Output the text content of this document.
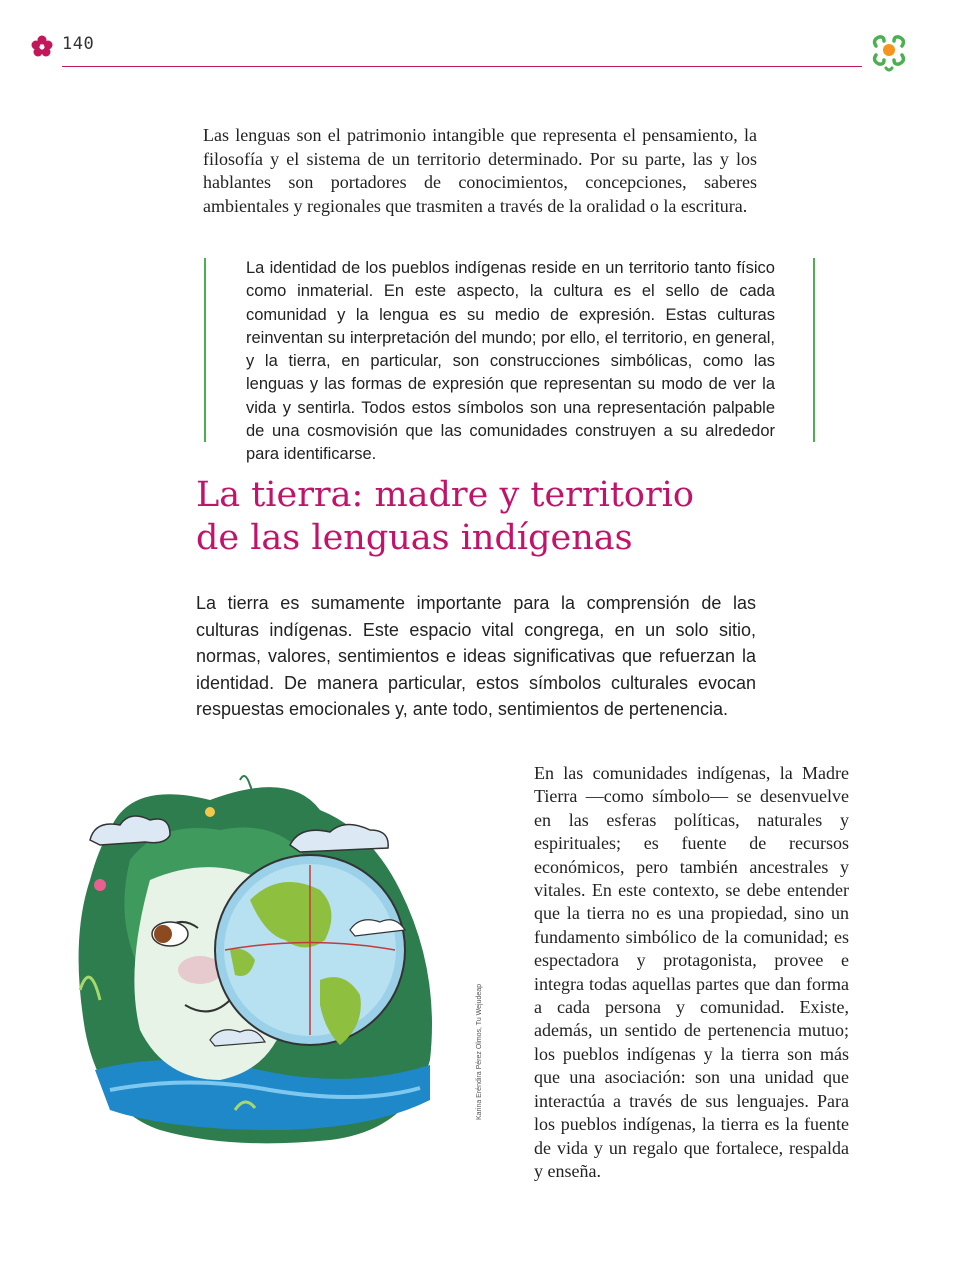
140

Las lenguas son el patrimonio intangible que representa el pensamiento, la filosofía y el sistema de un territorio determinado. Por su parte, las y los hablantes son portadores de conocimientos, concepciones, saberes ambientales y regionales que trasmiten a través de la oralidad o la escritura.

La identidad de los pueblos indígenas reside en un territorio tanto físico como inmaterial. En este aspecto, la cultura es el sello de cada comunidad y la lengua es su medio de expresión. Estas culturas reinventan su interpretación del mundo; por ello, el territorio, en general, y la tierra, en particular, son construcciones simbólicas, como las lenguas y las formas de expresión que representan su modo de ver la vida y sentirla. Todos estos símbolos son una representación palpable de una cosmovisión que las comunidades construyen a su alrededor para identificarse.

La tierra: madre y territorio
de las lenguas indígenas

La tierra es sumamente importante para la comprensión de las culturas indígenas. Este espacio vital congrega, en un solo sitio, normas, valores, sentimientos e ideas significativas que refuerzan la identidad. De manera particular, estos símbolos culturales evocan respuestas emocionales y, ante todo, sentimientos de pertenencia.

Karina Eréndira Pérez Olmos, Tu Wejudeap

En las comunidades indígenas, la Madre Tierra —como símbolo— se desenvuelve en las esferas políticas, naturales y espirituales; es fuente de recursos económicos, pero también ancestrales y vitales. En este contexto, se debe entender que la tierra no es una propiedad, sino un fundamento simbólico de la comunidad; es espectadora y protagonista, provee e integra todas aquellas partes que dan forma a cada persona y comunidad. Existe, además, un sentido de pertenencia mutuo; los pueblos indígenas y la tierra son más que una asociación: son una unidad que interactúa a través de sus lenguajes. Para los pueblos indígenas, la tierra es la fuente de vida y un regalo que fortalece, respalda y enseña.
